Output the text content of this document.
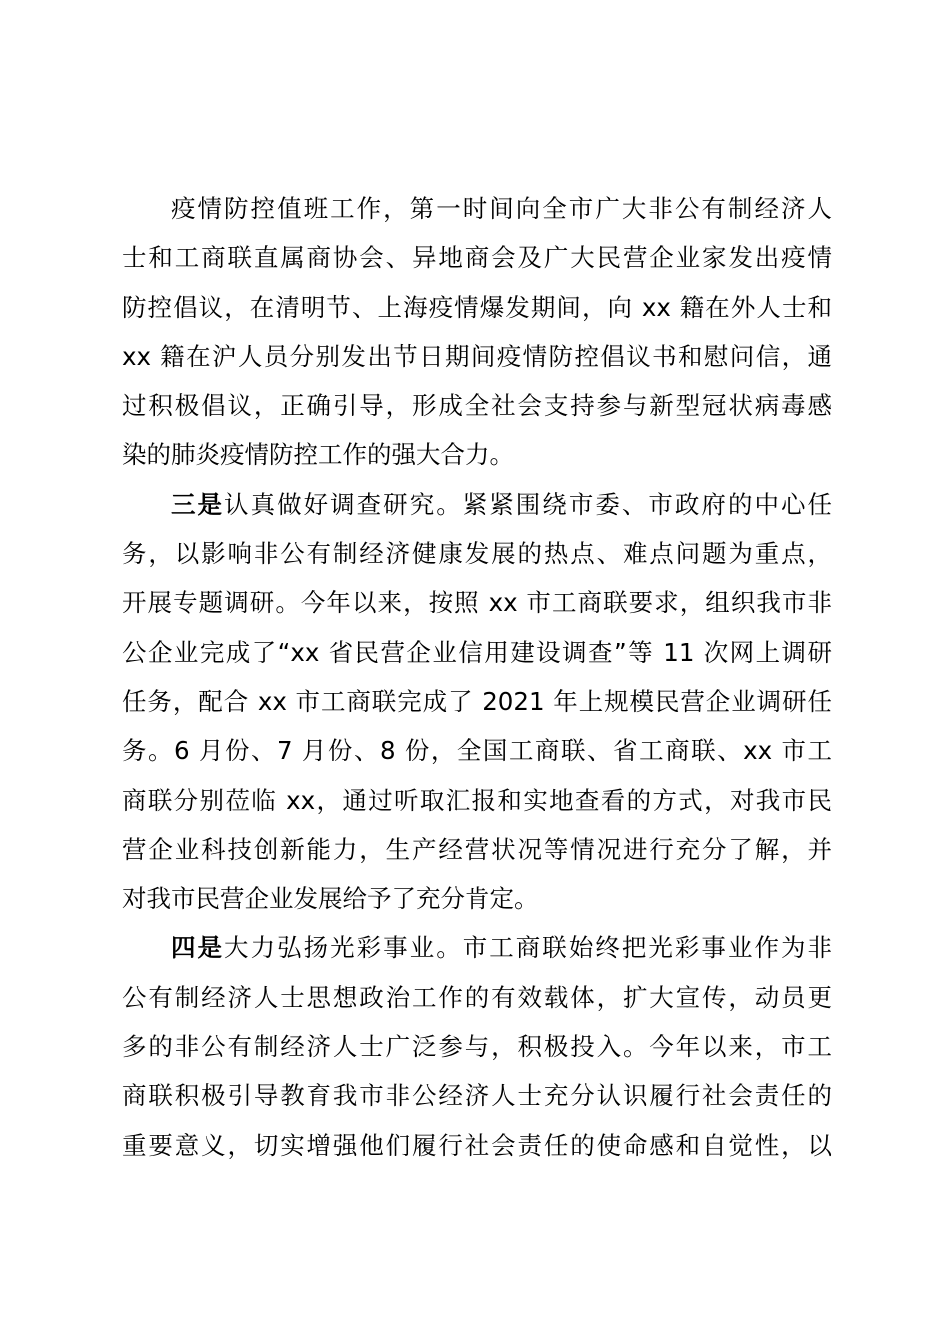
疫情防控值班工作，第一时间向全市广大非公有制经济人
士和工商联直属商协会、异地商会及广大民营企业家发出疫情
防控倡议，在清明节、上海疫情爆发期间，向 xx 籍在外人士和
xx 籍在沪人员分别发出节日期间疫情防控倡议书和慰问信，通
过积极倡议，正确引导，形成全社会支持参与新型冠状病毒感
染的肺炎疫情防控工作的强大合力。
三是认真做好调查研究。紧紧围绕市委、市政府的中心任
务，以影响非公有制经济健康发展的热点、难点问题为重点，
开展专题调研。今年以来，按照 xx 市工商联要求，组织我市非
公企业完成了“xx 省民营企业信用建设调查”等 11 次网上调研
任务，配合 xx 市工商联完成了 2021 年上规模民营企业调研任
务。6 月份、7 月份、8 份，全国工商联、省工商联、xx 市工
商联分别莅临 xx，通过听取汇报和实地查看的方式，对我市民
营企业科技创新能力，生产经营状况等情况进行充分了解，并
对我市民营企业发展给予了充分肯定。
四是大力弘扬光彩事业。市工商联始终把光彩事业作为非
公有制经济人士思想政治工作的有效载体，扩大宣传，动员更
多的非公有制经济人士广泛参与，积极投入。今年以来，市工
商联积极引导教育我市非公经济人士充分认识履行社会责任的
重要意义，切实增强他们履行社会责任的使命感和自觉性，以
